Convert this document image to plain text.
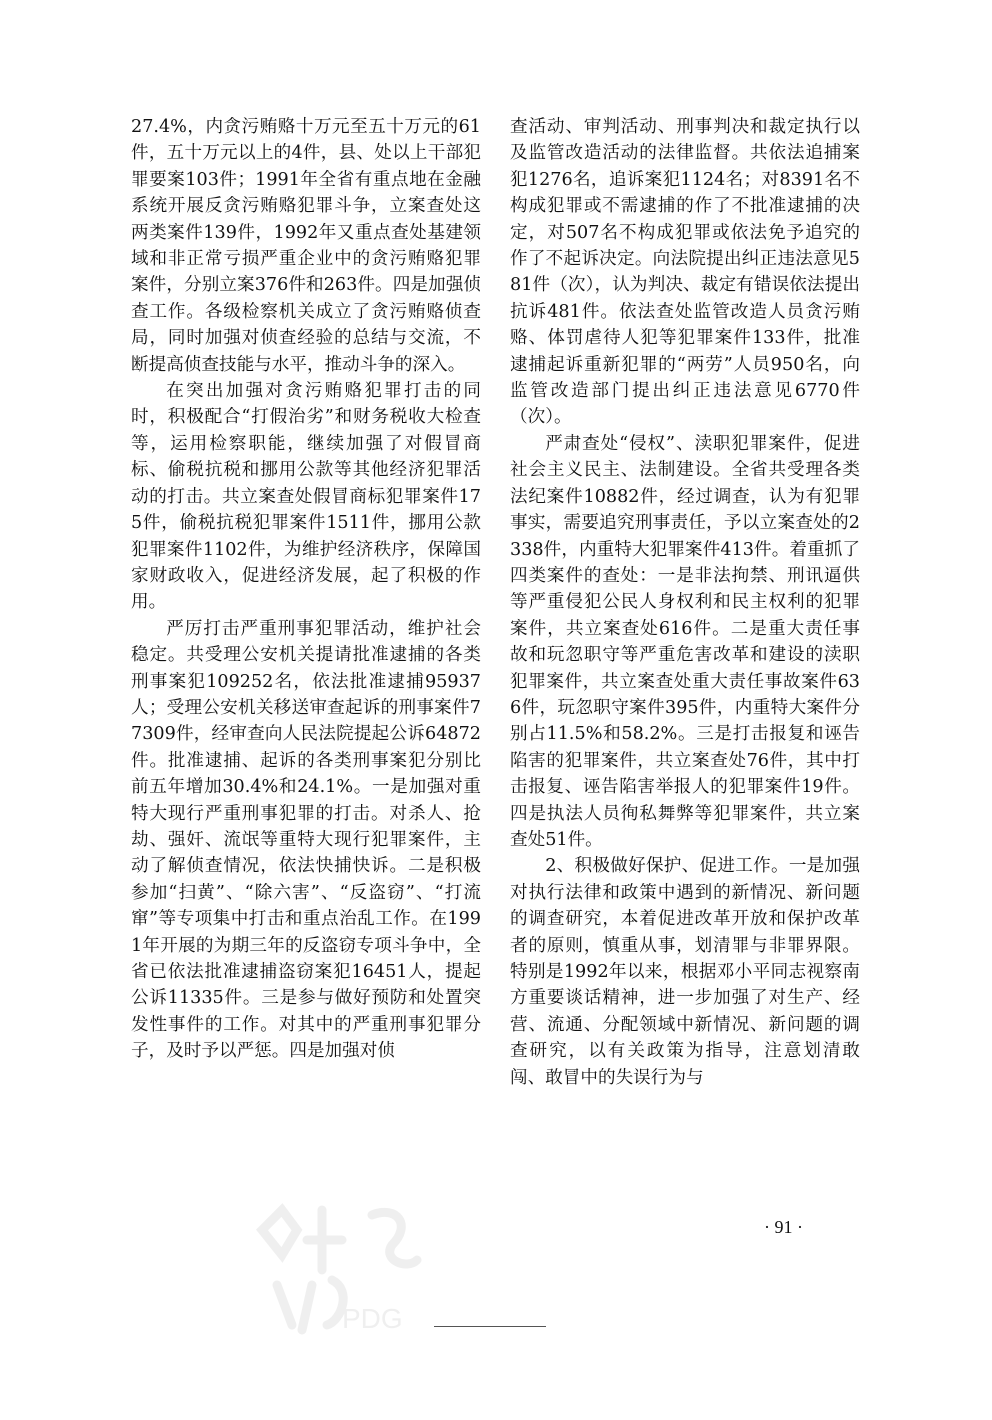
27.4%，内贪污贿赂十万元至五十万元的61件，五十万元以上的4件，县、处以上干部犯罪要案103件；1991年全省有重点地在金融系统开展反贪污贿赂犯罪斗争，立案查处这两类案件139件，1992年又重点查处基建领域和非正常亏损严重企业中的贪污贿赂犯罪案件，分别立案376件和263件。四是加强侦查工作。各级检察机关成立了贪污贿赂侦查局，同时加强对侦查经验的总结与交流，不断提高侦查技能与水平，推动斗争的深入。

在突出加强对贪污贿赂犯罪打击的同时，积极配合“打假治劣”和财务税收大检查等，运用检察职能，继续加强了对假冒商标、偷税抗税和挪用公款等其他经济犯罪活动的打击。共立案查处假冒商标犯罪案件175件，偷税抗税犯罪案件1511件，挪用公款犯罪案件1102件，为维护经济秩序，保障国家财政收入，促进经济发展，起了积极的作用。

严厉打击严重刑事犯罪活动，维护社会稳定。共受理公安机关提请批准逮捕的各类刑事案犯109252名，依法批准逮捕95937人；受理公安机关移送审查起诉的刑事案件77309件，经审查向人民法院提起公诉64872件。批准逮捕、起诉的各类刑事案犯分别比前五年增加30.4%和24.1%。一是加强对重特大现行严重刑事犯罪的打击。对杀人、抢劫、强奸、流氓等重特大现行犯罪案件，主动了解侦查情况，依法快捕快诉。二是积极参加“扫黄”、“除六害”、“反盗窃”、“打流窜”等专项集中打击和重点治乱工作。在1991年开展的为期三年的反盗窃专项斗争中，全省已依法批准逮捕盗窃案犯16451人，提起公诉11335件。三是参与做好预防和处置突发性事件的工作。对其中的严重刑事犯罪分子，及时予以严惩。四是加强对侦

查活动、审判活动、刑事判决和裁定执行以及监管改造活动的法律监督。共依法追捕案犯1276名，追诉案犯1124名；对8391名不构成犯罪或不需逮捕的作了不批准逮捕的决定，对507名不构成犯罪或依法免予追究的作了不起诉决定。向法院提出纠正违法意见581件（次），认为判决、裁定有错误依法提出抗诉481件。依法查处监管改造人员贪污贿赂、体罚虐待人犯等犯罪案件133件，批准逮捕起诉重新犯罪的“两劳”人员950名，向监管改造部门提出纠正违法意见6770件（次）。

严肃查处“侵权”、渎职犯罪案件，促进社会主义民主、法制建设。全省共受理各类法纪案件10882件，经过调查，认为有犯罪事实，需要追究刑事责任，予以立案查处的2338件，内重特大犯罪案件413件。着重抓了四类案件的查处：一是非法拘禁、刑讯逼供等严重侵犯公民人身权利和民主权利的犯罪案件，共立案查处616件。二是重大责任事故和玩忽职守等严重危害改革和建设的渎职犯罪案件，共立案查处重大责任事故案件636件，玩忽职守案件395件，内重特大案件分别占11.5%和58.2%。三是打击报复和诬告陷害的犯罪案件，共立案查处76件，其中打击报复、诬告陷害举报人的犯罪案件19件。四是执法人员徇私舞弊等犯罪案件，共立案查处51件。

2、积极做好保护、促进工作。一是加强对执行法律和政策中遇到的新情况、新问题的调查研究，本着促进改革开放和保护改革者的原则，慎重从事，划清罪与非罪界限。特别是1992年以来，根据邓小平同志视察南方重要谈话精神，进一步加强了对生产、经营、流通、分配领域中新情况、新问题的调查研究，以有关政策为指导，注意划清敢闯、敢冒中的失误行为与

· 91 ·
PDG
